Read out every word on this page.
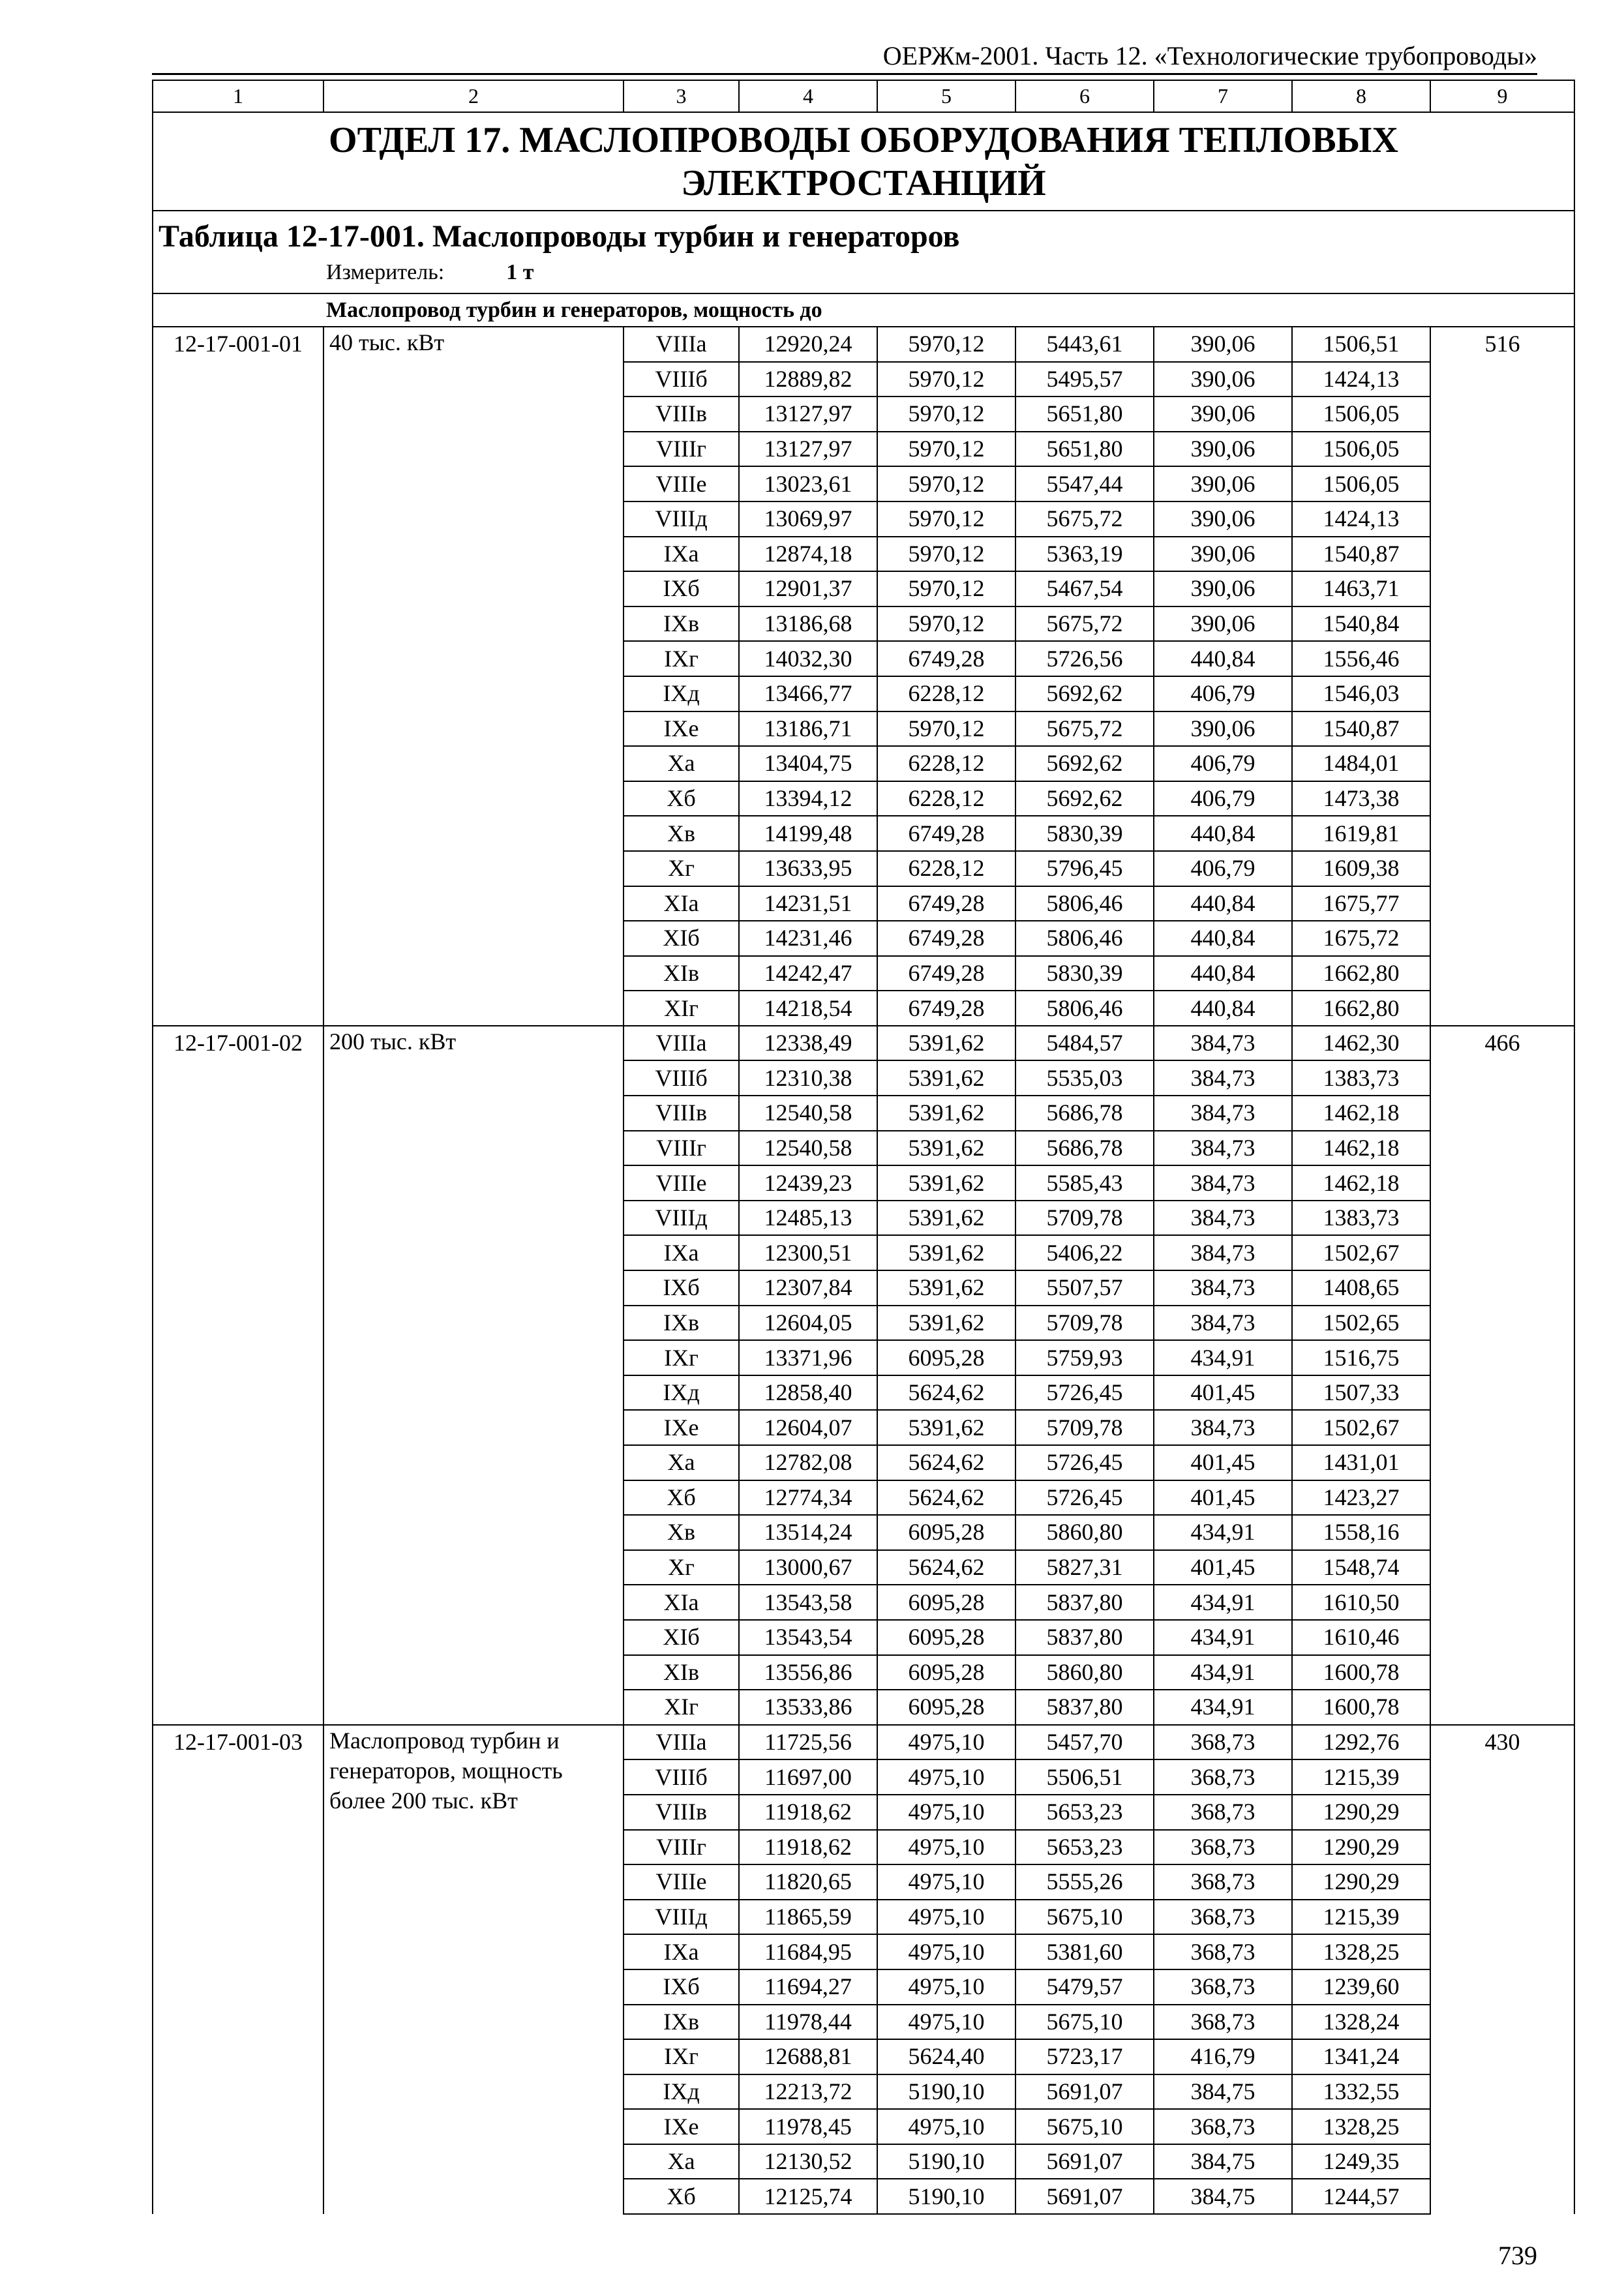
ОЕРЖм-2001. Часть 12. «Технологические трубопроводы»
1	2	3	4	5	6	7	8	9
ОТДЕЛ 17. МАСЛОПРОВОДЫ ОБОРУДОВАНИЯ ТЕПЛОВЫХ ЭЛЕКТРОСТАНЦИЙ								

Таблица 12-17-001. Маслопроводы турбин и генераторов
Измеритель: 1 т								

Маслопровод турбин и генераторов, мощность до								
12-17-001-01	40 тыс. кВт	VIIIа	12920,24	5970,12	5443,61	390,06	1506,51	516
		VIIIб	12889,82	5970,12	5495,57	390,06	1424,13	
		VIIIв	13127,97	5970,12	5651,80	390,06	1506,05	
		VIIIг	13127,97	5970,12	5651,80	390,06	1506,05	
		VIIIе	13023,61	5970,12	5547,44	390,06	1506,05	
		VIIIд	13069,97	5970,12	5675,72	390,06	1424,13	
		IXа	12874,18	5970,12	5363,19	390,06	1540,87	
		IXб	12901,37	5970,12	5467,54	390,06	1463,71	
		IXв	13186,68	5970,12	5675,72	390,06	1540,84	
		IXг	14032,30	6749,28	5726,56	440,84	1556,46	
		IXд	13466,77	6228,12	5692,62	406,79	1546,03	
		IXе	13186,71	5970,12	5675,72	390,06	1540,87	
		Xа	13404,75	6228,12	5692,62	406,79	1484,01	
		Xб	13394,12	6228,12	5692,62	406,79	1473,38	
		Xв	14199,48	6749,28	5830,39	440,84	1619,81	
		Xг	13633,95	6228,12	5796,45	406,79	1609,38	
		XIа	14231,51	6749,28	5806,46	440,84	1675,77	
		XIб	14231,46	6749,28	5806,46	440,84	1675,72	
		XIв	14242,47	6749,28	5830,39	440,84	1662,80	
		XIг	14218,54	6749,28	5806,46	440,84	1662,80	
12-17-001-02	200 тыс. кВт	VIIIа	12338,49	5391,62	5484,57	384,73	1462,30	466
		VIIIб	12310,38	5391,62	5535,03	384,73	1383,73	
		VIIIв	12540,58	5391,62	5686,78	384,73	1462,18	
		VIIIг	12540,58	5391,62	5686,78	384,73	1462,18	
		VIIIе	12439,23	5391,62	5585,43	384,73	1462,18	
		VIIIд	12485,13	5391,62	5709,78	384,73	1383,73	
		IXа	12300,51	5391,62	5406,22	384,73	1502,67	
		IXб	12307,84	5391,62	5507,57	384,73	1408,65	
		IXв	12604,05	5391,62	5709,78	384,73	1502,65	
		IXг	13371,96	6095,28	5759,93	434,91	1516,75	
		IXд	12858,40	5624,62	5726,45	401,45	1507,33	
		IXе	12604,07	5391,62	5709,78	384,73	1502,67	
		Xа	12782,08	5624,62	5726,45	401,45	1431,01	
		Xб	12774,34	5624,62	5726,45	401,45	1423,27	
		Xв	13514,24	6095,28	5860,80	434,91	1558,16	
		Xг	13000,67	5624,62	5827,31	401,45	1548,74	
		XIа	13543,58	6095,28	5837,80	434,91	1610,50	
		XIб	13543,54	6095,28	5837,80	434,91	1610,46	
		XIв	13556,86	6095,28	5860,80	434,91	1600,78	
		XIг	13533,86	6095,28	5837,80	434,91	1600,78	
12-17-001-03	Маслопровод турбин и генераторов, мощность более 200 тыс. кВт	VIIIа	11725,56	4975,10	5457,70	368,73	1292,76	430
		VIIIб	11697,00	4975,10	5506,51	368,73	1215,39	
		VIIIв	11918,62	4975,10	5653,23	368,73	1290,29	
		VIIIг	11918,62	4975,10	5653,23	368,73	1290,29	
		VIIIе	11820,65	4975,10	5555,26	368,73	1290,29	
		VIIIд	11865,59	4975,10	5675,10	368,73	1215,39	
		IXа	11684,95	4975,10	5381,60	368,73	1328,25	
		IXб	11694,27	4975,10	5479,57	368,73	1239,60	
		IXв	11978,44	4975,10	5675,10	368,73	1328,24	
		IXг	12688,81	5624,40	5723,17	416,79	1341,24	
		IXд	12213,72	5190,10	5691,07	384,75	1332,55	
		IXе	11978,45	4975,10	5675,10	368,73	1328,25	
		Xа	12130,52	5190,10	5691,07	384,75	1249,35	
		Xб	12125,74	5190,10	5691,07	384,75	1244,57	
739
